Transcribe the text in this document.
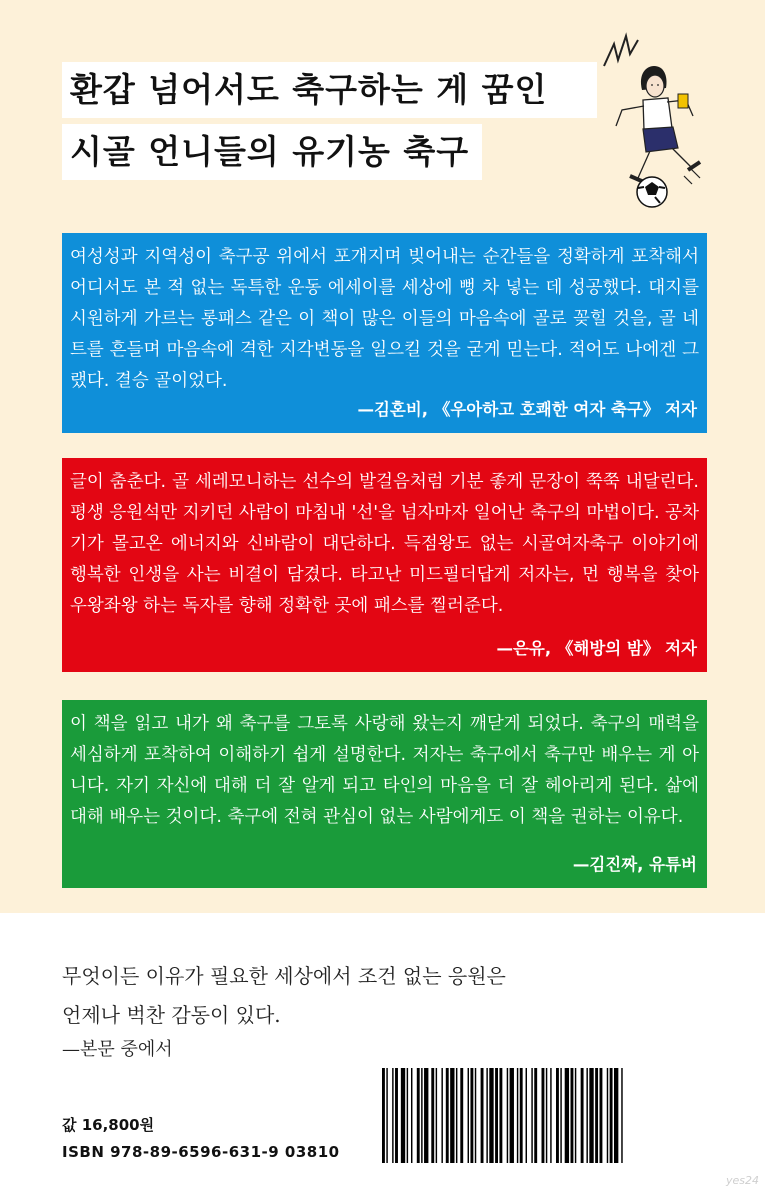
환갑 넘어서도 축구하는 게 꿈인
시골 언니들의 유기농 축구

여성성과 지역성이 축구공 위에서 포개지며 빚어내는 순간들을 정확하게 포착해서 어디서도 본 적 없는 독특한 운동 에세이를 세상에 뻥 차 넣는 데 성공했다. 대지를 시원하게 가르는 롱패스 같은 이 책이 많은 이들의 마음속에 골로 꽂힐 것을, 골 네트를 흔들며 마음속에 격한 지각변동을 일으킬 것을 굳게 믿는다. 적어도 나에겐 그랬다. 결승 골이었다.

—김혼비, 《우아하고 호쾌한 여자 축구》 저자

글이 춤춘다. 골 세레모니하는 선수의 발걸음처럼 기분 좋게 문장이 쭉쭉 내달린다. 평생 응원석만 지키던 사람이 마침내 '선'을 넘자마자 일어난 축구의 마법이다. 공차기가 몰고온 에너지와 신바람이 대단하다. 득점왕도 없는 시골여자축구 이야기에 행복한 인생을 사는 비결이 담겼다. 타고난 미드필더답게 저자는, 먼 행복을 찾아 우왕좌왕 하는 독자를 향해 정확한 곳에 패스를 찔러준다.

—은유, 《해방의 밤》 저자

이 책을 읽고 내가 왜 축구를 그토록 사랑해 왔는지 깨닫게 되었다. 축구의 매력을 세심하게 포착하여 이해하기 쉽게 설명한다. 저자는 축구에서 축구만 배우는 게 아니다. 자기 자신에 대해 더 잘 알게 되고 타인의 마음을 더 잘 헤아리게 된다. 삶에 대해 배우는 것이다. 축구에 전혀 관심이 없는 사람에게도 이 책을 권하는 이유다.

—김진짜, 유튜버
무엇이든 이유가 필요한 세상에서 조건 없는 응원은
언제나 벅찬 감동이 있다.
—본문 중에서
값 16,800원
ISBN 978-89-6596-631-9 03810
yes24
